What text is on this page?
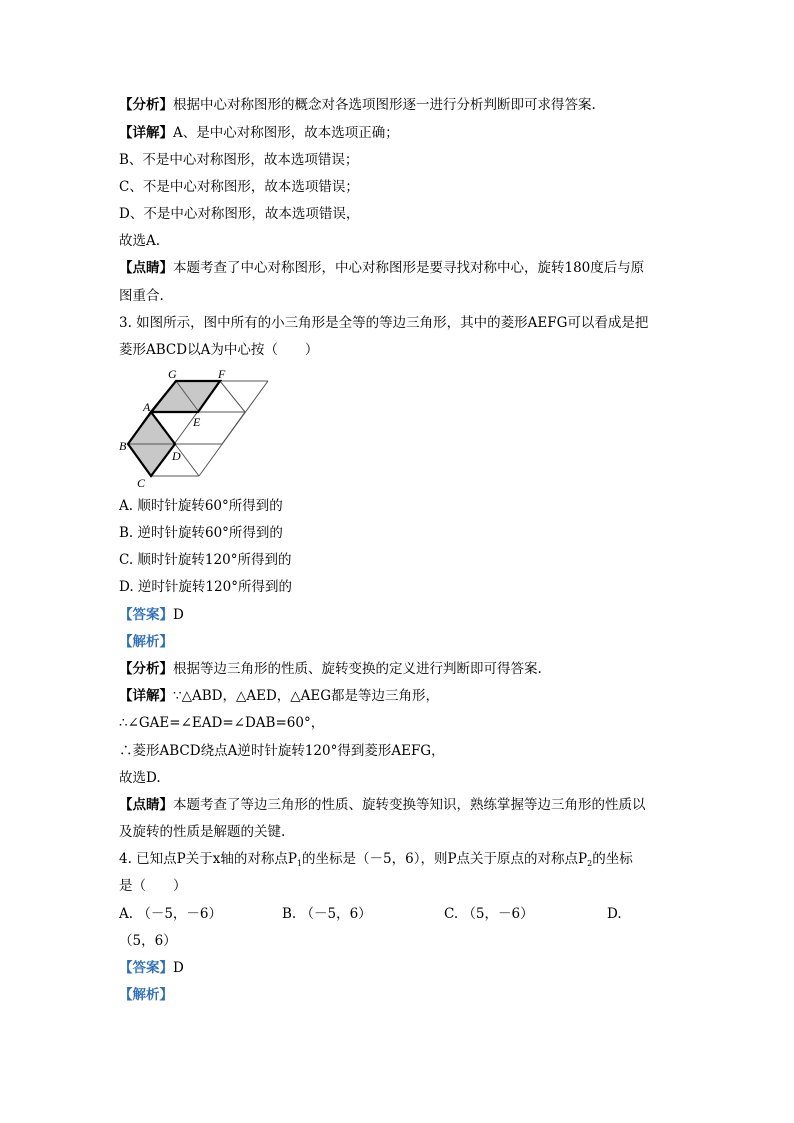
【分析】根据中心对称图形的概念对各选项图形逐一进行分析判断即可求得答案.
【详解】A、是中心对称图形，故本选项正确；
B、不是中心对称图形，故本选项错误；
C、不是中心对称图形，故本选项错误；
D、不是中心对称图形，故本选项错误，
故选A.
【点睛】本题考查了中心对称图形，中心对称图形是要寻找对称中心，旋转180度后与原
图重合.
3. 如图所示，图中所有的小三角形是全等的等边三角形，其中的菱形AEFG可以看成是把
菱形ABCD以A为中心按（　　）
G	F
A
E
B
D
C
A. 顺时针旋转60°所得到的
B. 逆时针旋转60°所得到的
C. 顺时针旋转120°所得到的
D. 逆时针旋转120°所得到的
【答案】D
【解析】
【分析】根据等边三角形的性质、旋转变换的定义进行判断即可得答案.
【详解】∵△ABD，△AED，△AEG都是等边三角形，
∴∠GAE=∠EAD=∠DAB=60°，
∴菱形ABCD绕点A逆时针旋转120°得到菱形AEFG，
故选D.
【点睛】本题考查了等边三角形的性质、旋转变换等知识，熟练掌握等边三角形的性质以
及旋转的性质是解题的关键.
4. 已知点P关于x轴的对称点$P_1$的坐标是（－5，6），则P点关于原点的对称点$P_2$的坐标
是（　　）
A. （－5，－6）	B. （－5，6）	C. （5，－6）	D.
（5，6）
【答案】D
【解析】
